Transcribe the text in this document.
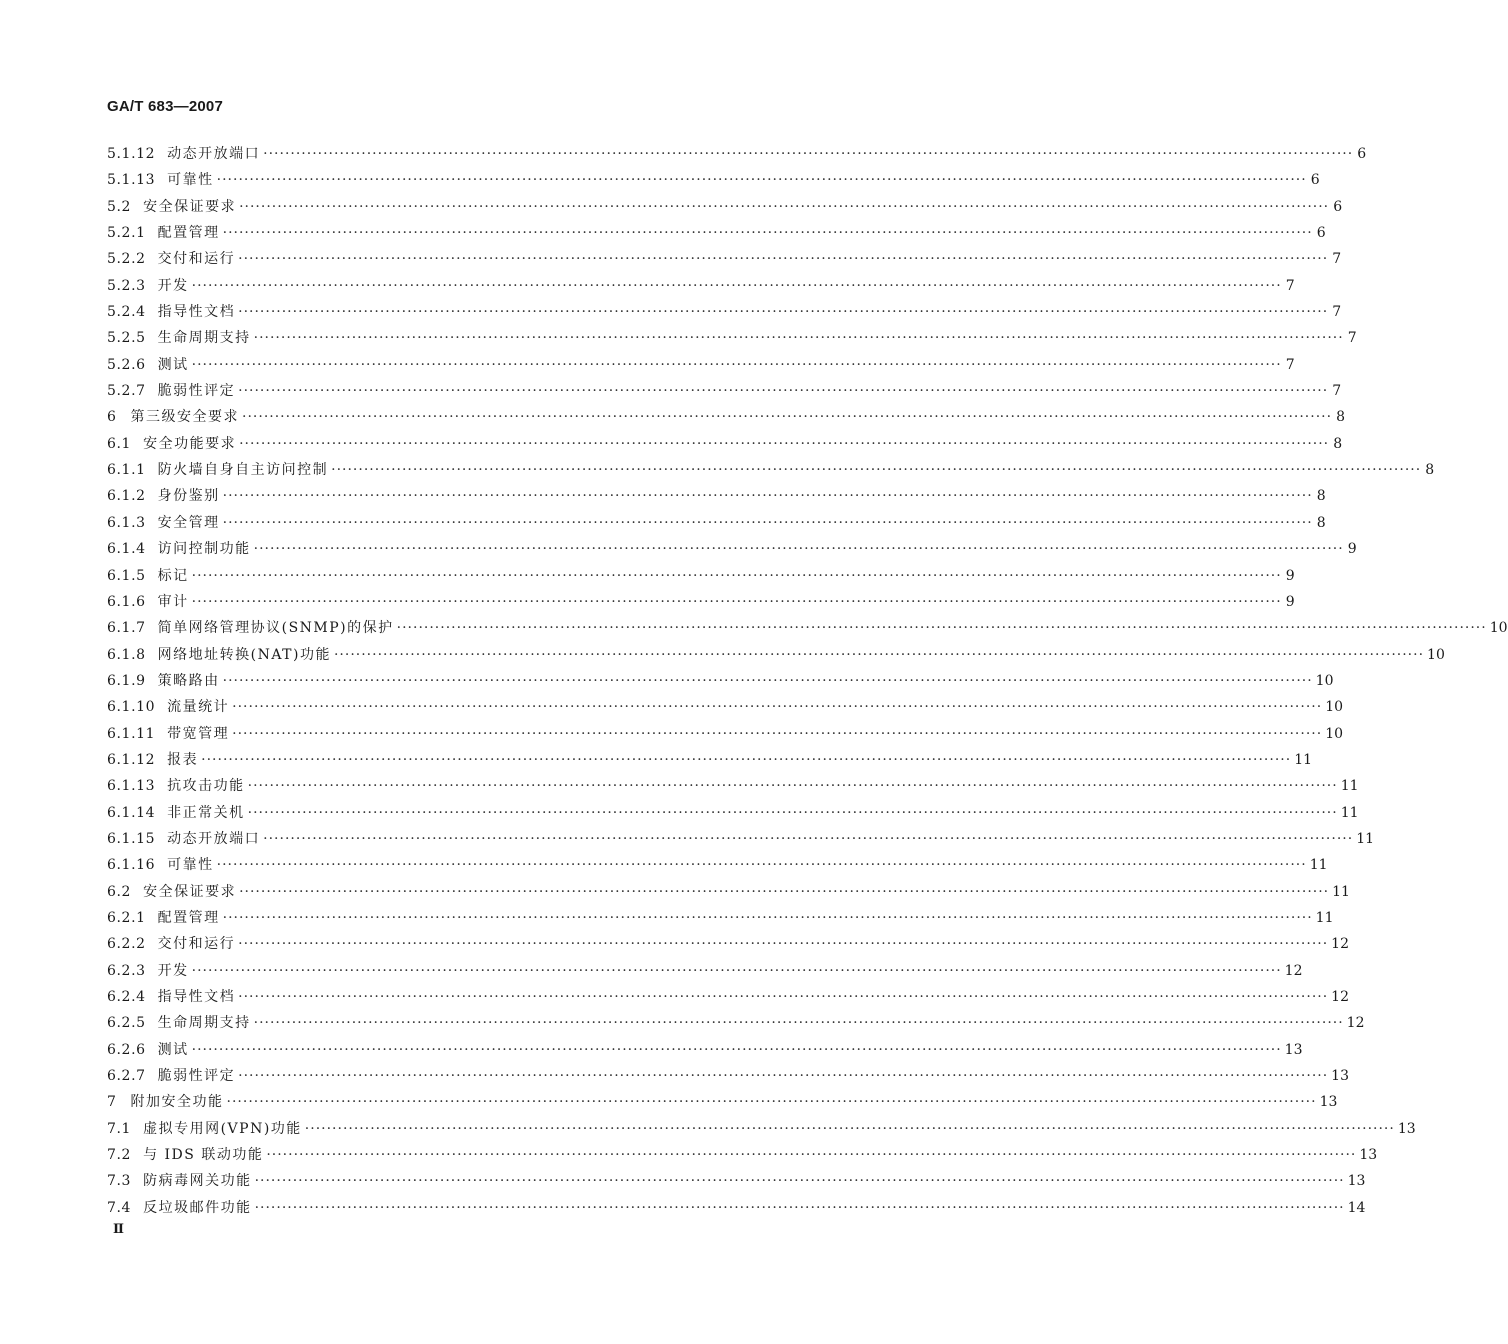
GA/T 683—2007
5.1.12 动态开放端口 ········································································································································································································ 6
5.1.13 可靠性 ········································································································································································································ 6
5.2 安全保证要求 ········································································································································································································ 6
5.2.1 配置管理 ········································································································································································································ 6
5.2.2 交付和运行 ········································································································································································································ 7
5.2.3 开发 ········································································································································································································ 7
5.2.4 指导性文档 ········································································································································································································ 7
5.2.5 生命周期支持 ········································································································································································································ 7
5.2.6 测试 ········································································································································································································ 7
5.2.7 脆弱性评定 ········································································································································································································ 7
6 第三级安全要求 ········································································································································································································ 8
6.1 安全功能要求 ········································································································································································································ 8
6.1.1 防火墙自身自主访问控制 ········································································································································································································ 8
6.1.2 身份鉴别 ········································································································································································································ 8
6.1.3 安全管理 ········································································································································································································ 8
6.1.4 访问控制功能 ········································································································································································································ 9
6.1.5 标记 ········································································································································································································ 9
6.1.6 审计 ········································································································································································································ 9
6.1.7 简单网络管理协议(SNMP)的保护 ········································································································································································································ 10
6.1.8 网络地址转换(NAT)功能 ········································································································································································································ 10
6.1.9 策略路由 ········································································································································································································ 10
6.1.10 流量统计 ········································································································································································································ 10
6.1.11 带宽管理 ········································································································································································································ 10
6.1.12 报表 ········································································································································································································ 11
6.1.13 抗攻击功能 ········································································································································································································ 11
6.1.14 非正常关机 ········································································································································································································ 11
6.1.15 动态开放端口 ········································································································································································································ 11
6.1.16 可靠性 ········································································································································································································ 11
6.2 安全保证要求 ········································································································································································································ 11
6.2.1 配置管理 ········································································································································································································ 11
6.2.2 交付和运行 ········································································································································································································ 12
6.2.3 开发 ········································································································································································································ 12
6.2.4 指导性文档 ········································································································································································································ 12
6.2.5 生命周期支持 ········································································································································································································ 12
6.2.6 测试 ········································································································································································································ 13
6.2.7 脆弱性评定 ········································································································································································································ 13
7 附加安全功能 ········································································································································································································ 13
7.1 虚拟专用网(VPN)功能 ········································································································································································································ 13
7.2 与 IDS 联动功能 ········································································································································································································ 13
7.3 防病毒网关功能 ········································································································································································································ 13
7.4 反垃圾邮件功能 ········································································································································································································ 14
Ⅱ
